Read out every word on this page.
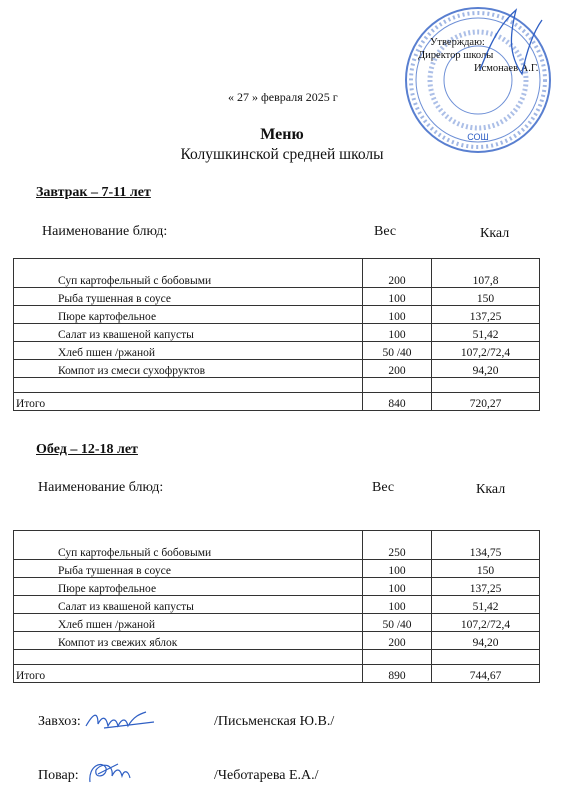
СОШ
Утверждаю:
Директор школы
Исмонаев А.Г.
« 27 » февраля 2025 г
Меню
Колушкинской средней школы
Завтрак – 7-11 лет
Наименование блюд:	Вес	Ккал
Суп картофельный с бобовыми	200	107,8
Рыба тушенная в соусе	100	150
Пюре картофельное	100	137,25
Салат из квашеной капусты	100	51,42
Хлеб пшен /ржаной	50 /40	107,2/72,4
Компот из смеси сухофруктов	200	94,20

Итого	840	720,27
Обед – 12-18 лет
Наименование блюд:	Вес	Ккал
Суп картофельный с бобовыми	250	134,75
Рыба тушенная в соусе	100	150
Пюре картофельное	100	137,25
Салат из квашеной капусты	100	51,42
Хлеб пшен /ржаной	50 /40	107,2/72,4
Компот из свежих яблок	200	94,20

Итого	890	744,67
Завхоз:	/Письменская Ю.В./
Повар:	/Чеботарева Е.А./
